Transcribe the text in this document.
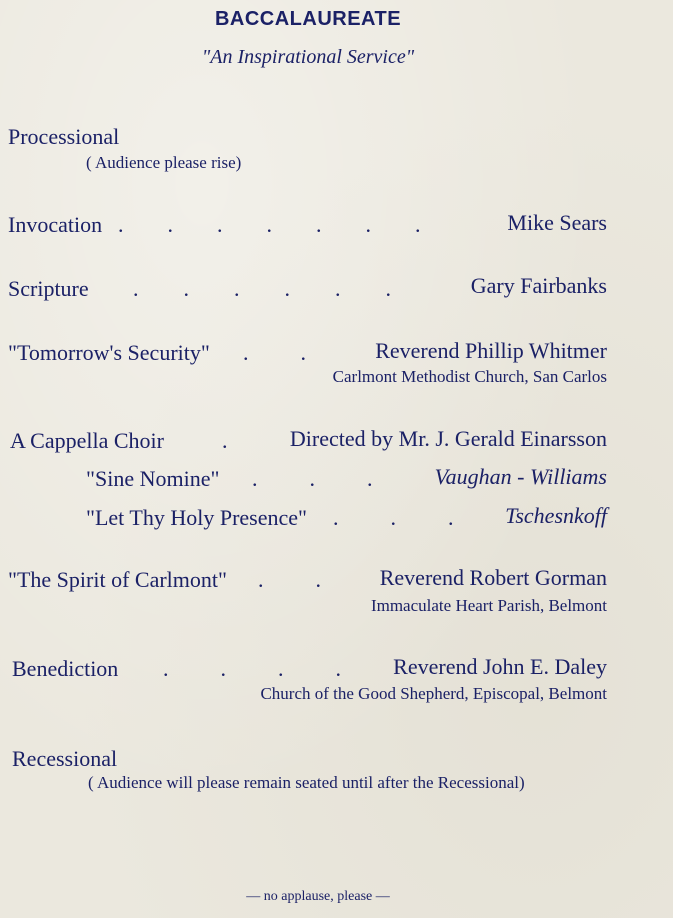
BACCALAUREATE
"An Inspirational Service"
Processional
( Audience please rise)
Invocation ....... Mike Sears
Scripture ...... Gary Fairbanks
"Tomorrow's Security" .. Reverend Phillip Whitmer
Carlmont Methodist Church, San Carlos
A Cappella Choir	.	Directed by Mr. J. Gerald Einarsson
"Sine Nomine" ... Vaughan - Williams
"Let Thy Holy Presence" ... Tschesnkoff
"The Spirit of Carlmont" .. Reverend Robert Gorman
Immaculate Heart Parish, Belmont
Benediction .... Reverend John E. Daley
Church of the Good Shepherd, Episcopal, Belmont
Recessional
( Audience will please remain seated until after the Recessional)
— no applause, please —
